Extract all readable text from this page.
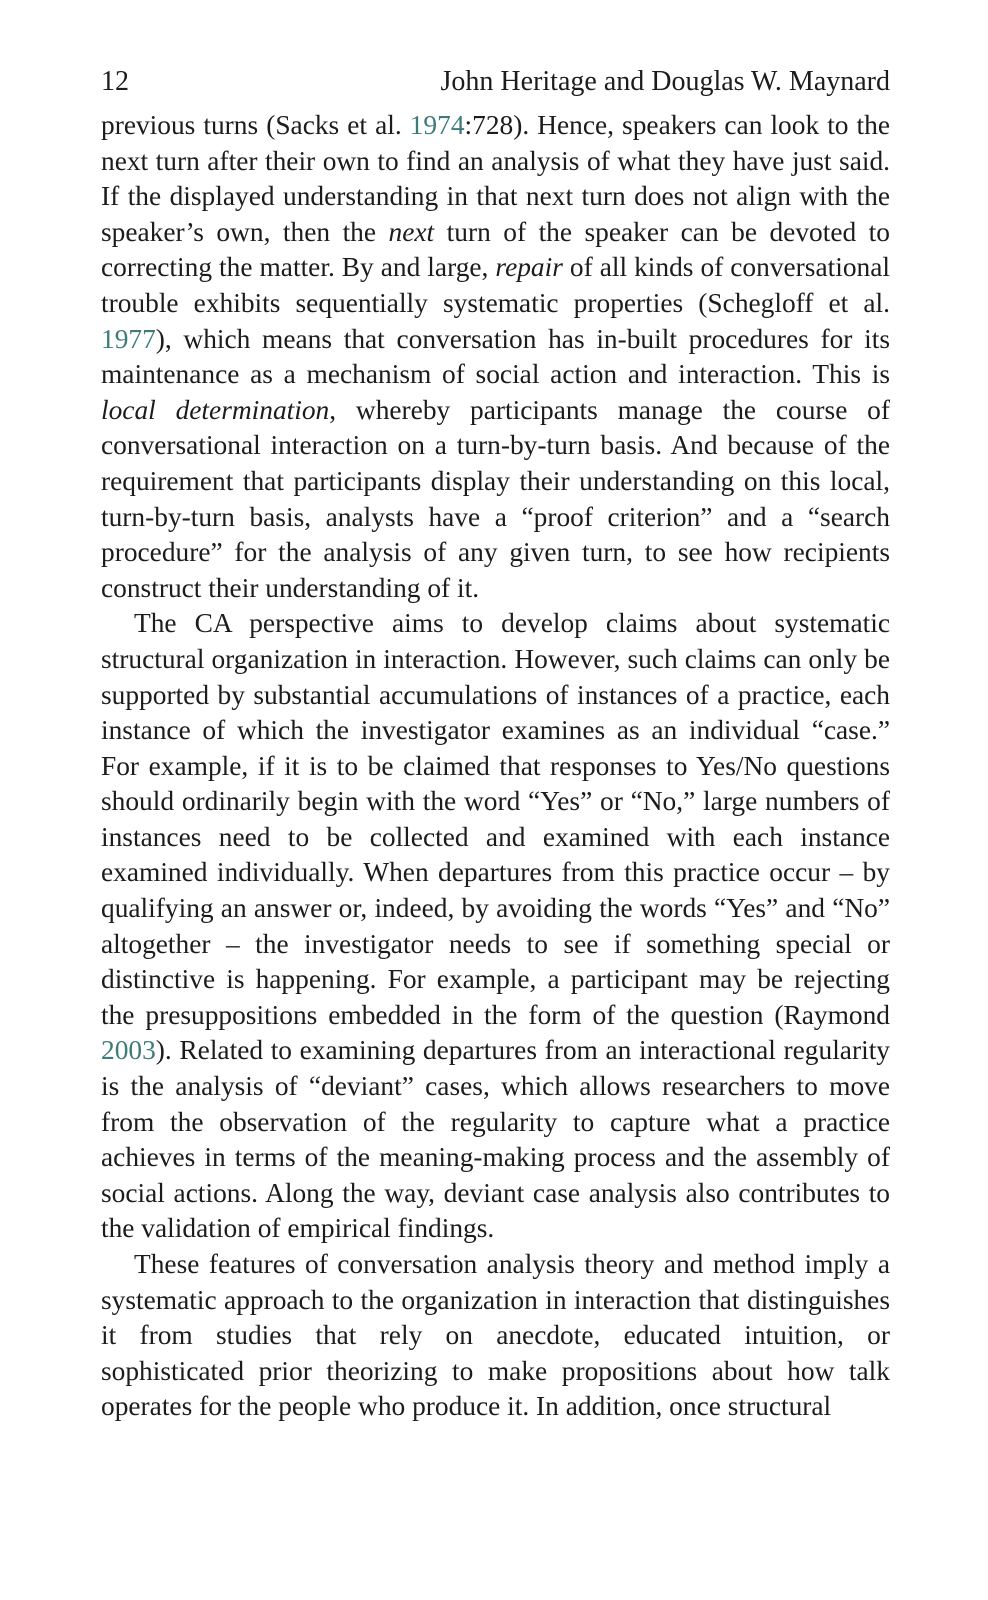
12	John Heritage and Douglas W. Maynard

previous turns (Sacks et al. 1974:728). Hence, speakers can look to the next turn after their own to find an analysis of what they have just said. If the displayed understanding in that next turn does not align with the speaker’s own, then the next turn of the speaker can be devoted to correcting the matter. By and large, repair of all kinds of conversational trouble exhibits sequentially systematic properties (Schegloff et al. 1977), which means that conversation has in-built procedures for its maintenance as a mechanism of social action and interaction. This is local determination, whereby participants manage the course of conversational interaction on a turn-by-turn basis. And because of the requirement that participants display their understanding on this local, turn-by-turn basis, analysts have a “proof criterion” and a “search procedure” for the analysis of any given turn, to see how recipients construct their understanding of it.

The CA perspective aims to develop claims about systematic structural organization in interaction. However, such claims can only be supported by substantial accumulations of instances of a practice, each instance of which the investigator examines as an individual “case.” For example, if it is to be claimed that responses to Yes/No questions should ordinarily begin with the word “Yes” or “No,” large numbers of instances need to be collected and examined with each instance examined individually. When departures from this practice occur – by qualifying an answer or, indeed, by avoiding the words “Yes” and “No” altogether – the investigator needs to see if something special or distinctive is happening. For example, a participant may be rejecting the presuppositions embedded in the form of the question (Raymond 2003). Related to examining departures from an interactional regularity is the analysis of “deviant” cases, which allows researchers to move from the observation of the regularity to capture what a practice achieves in terms of the meaning-making process and the assembly of social actions. Along the way, deviant case analysis also contributes to the validation of empirical findings.

These features of conversation analysis theory and method imply a systematic approach to the organization in interaction that distinguishes it from studies that rely on anecdote, educated intuition, or sophisticated prior theorizing to make propositions about how talk operates for the people who produce it. In addition, once structural
